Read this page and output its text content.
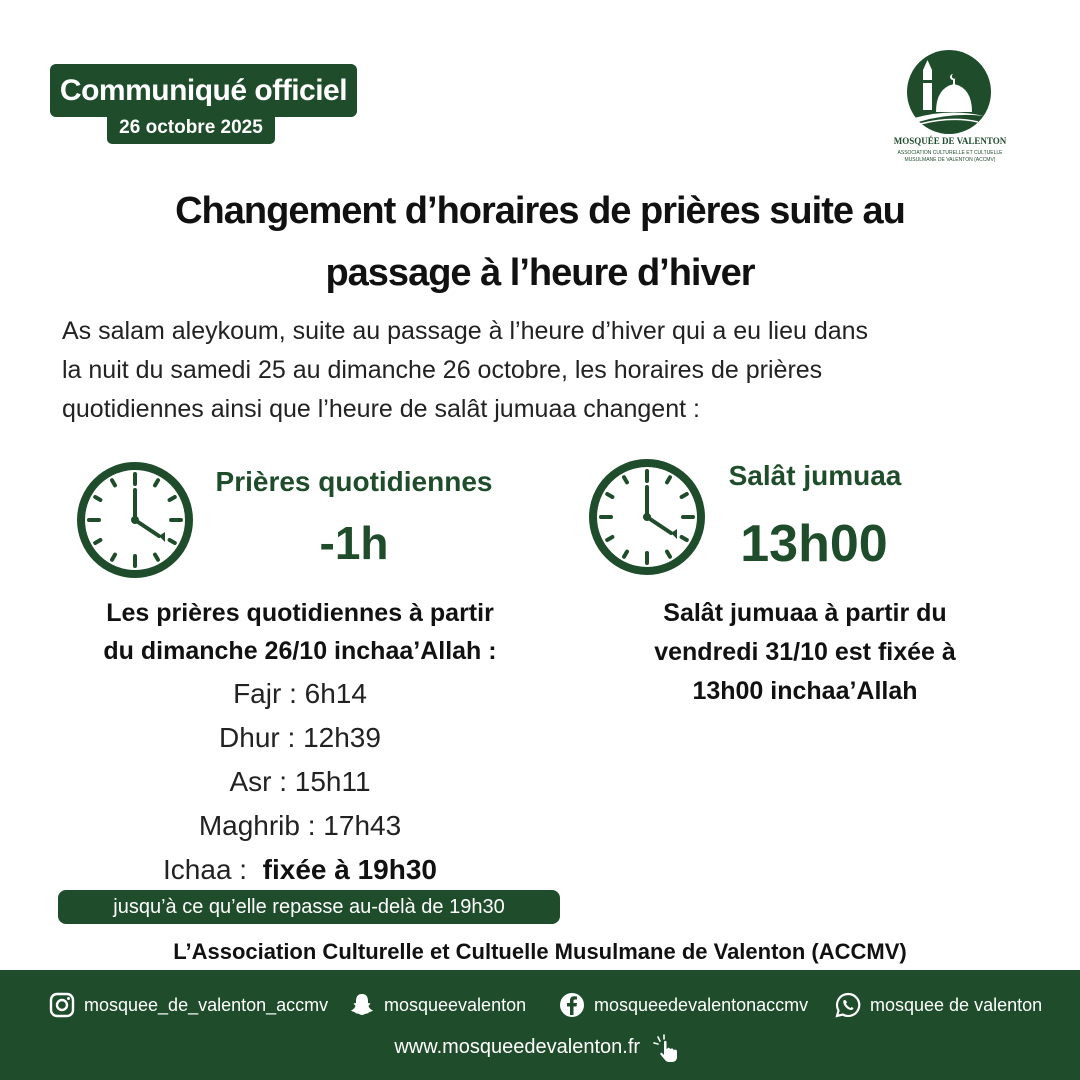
Communiqué officiel
26 octobre 2025
MOSQUÉE DE VALENTON
ASSOCIATION CULTURELLE ET CULTUELLE
MUSULMANE DE VALENTON (ACCMV)
Changement d’horaires de prières suite au
passage à l’heure d’hiver
As salam aleykoum, suite au passage à l’heure d’hiver qui a eu lieu dans
la nuit du samedi 25 au dimanche 26 octobre, les horaires de prières
quotidiennes ainsi que l’heure de salât jumuaa changent :
Prières quotidiennes
-1h
Les prières quotidiennes à partir
du dimanche 26/10 inchaa’Allah :
Fajr : 6h14
Dhur : 12h39
Asr : 15h11
Maghrib : 17h43
Ichaa : fixée à 19h30
jusqu’à ce qu’elle repasse au-delà de 19h30
Salât jumuaa
13h00
Salât jumuaa à partir du
vendredi 31/10 est fixée à
13h00 inchaa’Allah
L’Association Culturelle et Cultuelle Musulmane de Valenton (ACCMV)
mosquee_de_valenton_accmv	mosqueevalenton	mosqueedevalentonaccmv	mosquee de valenton
www.mosqueedevalenton.fr
